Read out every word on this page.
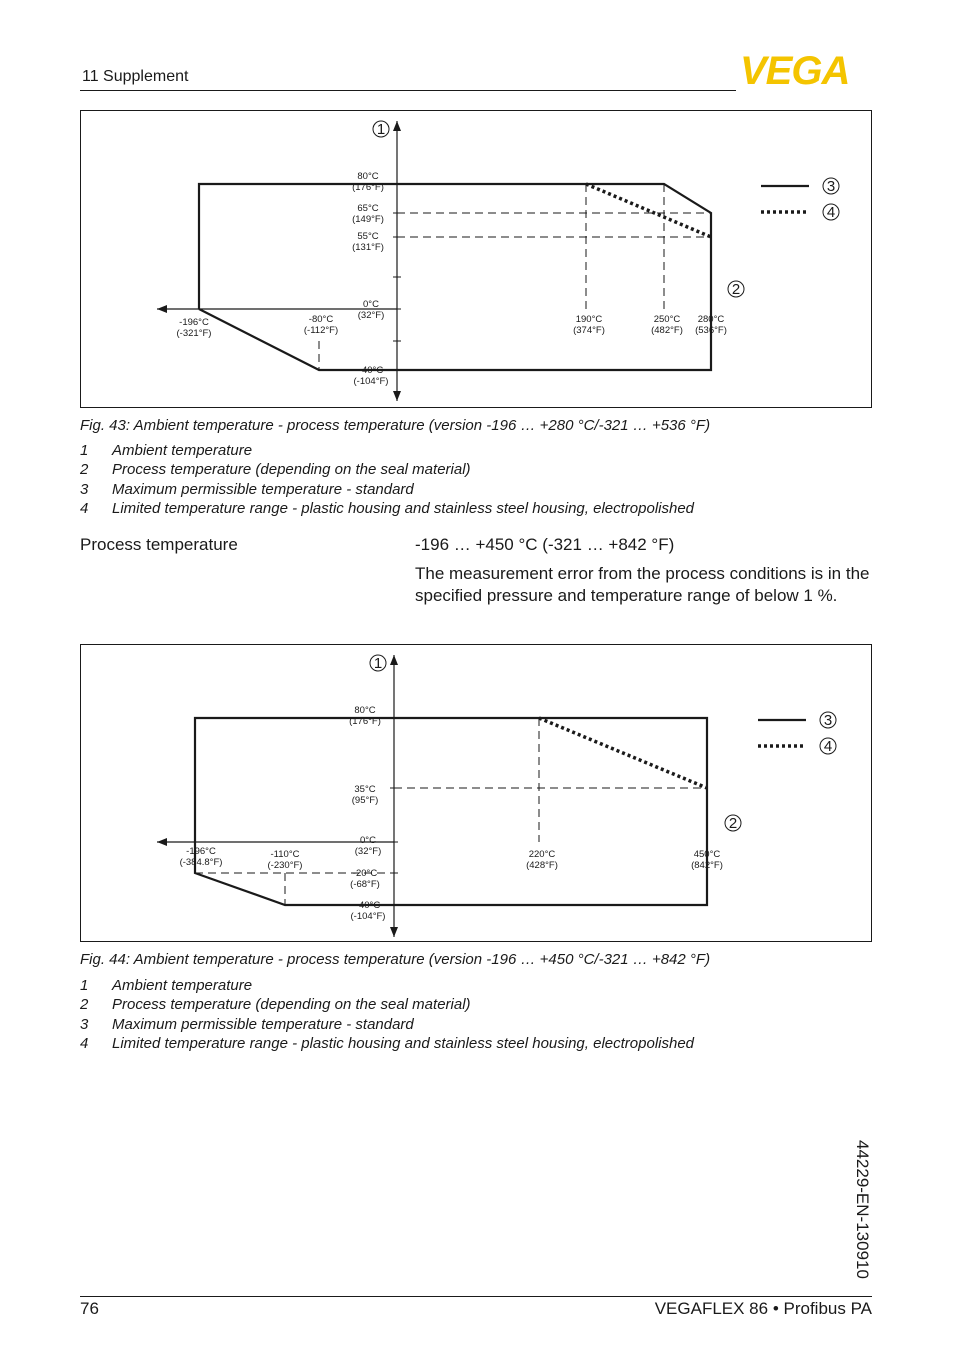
11 Supplement	VEGA
80°C
(176°F)
65°C
(149°F)
55°C
(131°F)
0°C
(32°F)
-40°C
(-104°F)
-196°C
(-321°F)
-80°C
(-112°F)
190°C
(374°F)
250°C
(482°F)
280°C
(536°F)
1
2
3
4
Fig. 43: Ambient temperature - process temperature (version -196 … +280 °C/-321 … +536 °F)
1	Ambient temperature
2	Process temperature (depending on the seal material)
3	Maximum permissible temperature - standard
4	Limited temperature range - plastic housing and stainless steel housing, electropolished
Process temperature	-196 … +450 °C (-321 … +842 °F)
The measurement error from the process conditions is in the specified pressure and temperature range of below 1 %.
80°C
(176°F)
35°C
(95°F)
0°C
(32°F)
-20°C
(-68°F)
-40°C
(-104°F)
-196°C
(-384.8°F)
-110°C
(-230°F)
220°C
(428°F)
450°C
(842°F)
1
2
3
4
Fig. 44: Ambient temperature - process temperature (version -196 … +450 °C/-321 … +842 °F)
1	Ambient temperature
2	Process temperature (depending on the seal material)
3	Maximum permissible temperature - standard
4	Limited temperature range - plastic housing and stainless steel housing, electropolished
44229-EN-130910
76	VEGAFLEX 86 • Profibus PA
